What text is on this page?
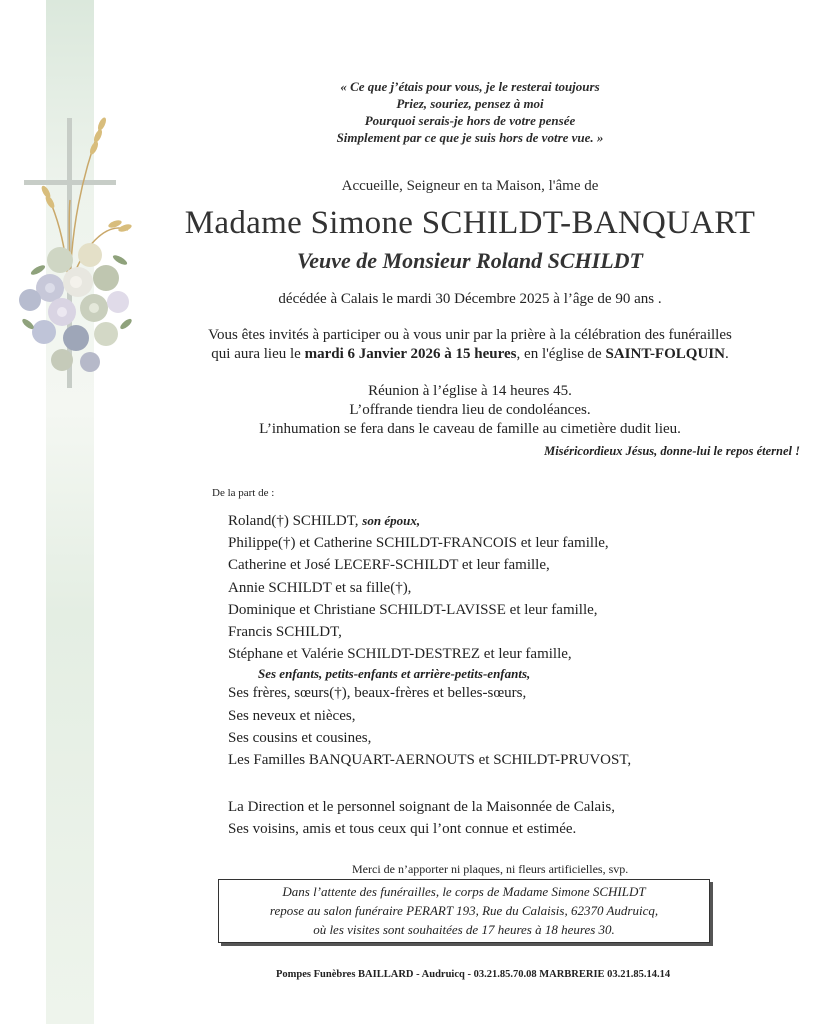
« Ce que j’étais pour vous, je le resterai toujours
Priez, souriez, pensez à moi
Pourquoi serais-je hors de votre pensée
Simplement par ce que je suis hors de votre vue. »
Accueille, Seigneur en ta Maison, l'âme de
Madame Simone SCHILDT-BANQUART
Veuve de Monsieur Roland SCHILDT
décédée à Calais le mardi 30 Décembre 2025 à l’âge de 90 ans .
Vous êtes invités à participer ou à vous unir par la prière à la célébration des funérailles
qui aura lieu le mardi 6 Janvier 2026 à 15 heures, en l'église de SAINT-FOLQUIN.
Réunion à l’église à 14 heures 45.
L’offrande tiendra lieu de condoléances.
L’inhumation se fera dans le caveau de famille au cimetière dudit lieu.
Miséricordieux Jésus, donne-lui le repos éternel !
De la part de :
Roland(†) SCHILDT, son époux,
Philippe(†) et Catherine SCHILDT-FRANCOIS et leur famille,
Catherine et José LECERF-SCHILDT et leur famille,
Annie SCHILDT et sa fille(†),
Dominique et Christiane SCHILDT-LAVISSE et leur famille,
Francis SCHILDT,
Stéphane et Valérie SCHILDT-DESTREZ et leur famille,
Ses enfants, petits-enfants et arrière-petits-enfants,
Ses frères, sœurs(†), beaux-frères et belles-sœurs,
Ses neveux et nièces,
Ses cousins et cousines,
Les Familles BANQUART-AERNOUTS et SCHILDT-PRUVOST,
La Direction et le personnel soignant de la Maisonnée de Calais,
Ses voisins, amis et tous ceux qui l’ont connue et estimée.
Merci de n’apporter ni plaques, ni fleurs artificielles, svp.
Dans l’attente des funérailles, le corps de Madame Simone SCHILDT
repose au salon funéraire PERART 193, Rue du Calaisis, 62370 Audruicq,
où les visites sont souhaitées de 17 heures à 18 heures 30.
Pompes Funèbres BAILLARD - Audruicq - 03.21.85.70.08 MARBRERIE 03.21.85.14.14
